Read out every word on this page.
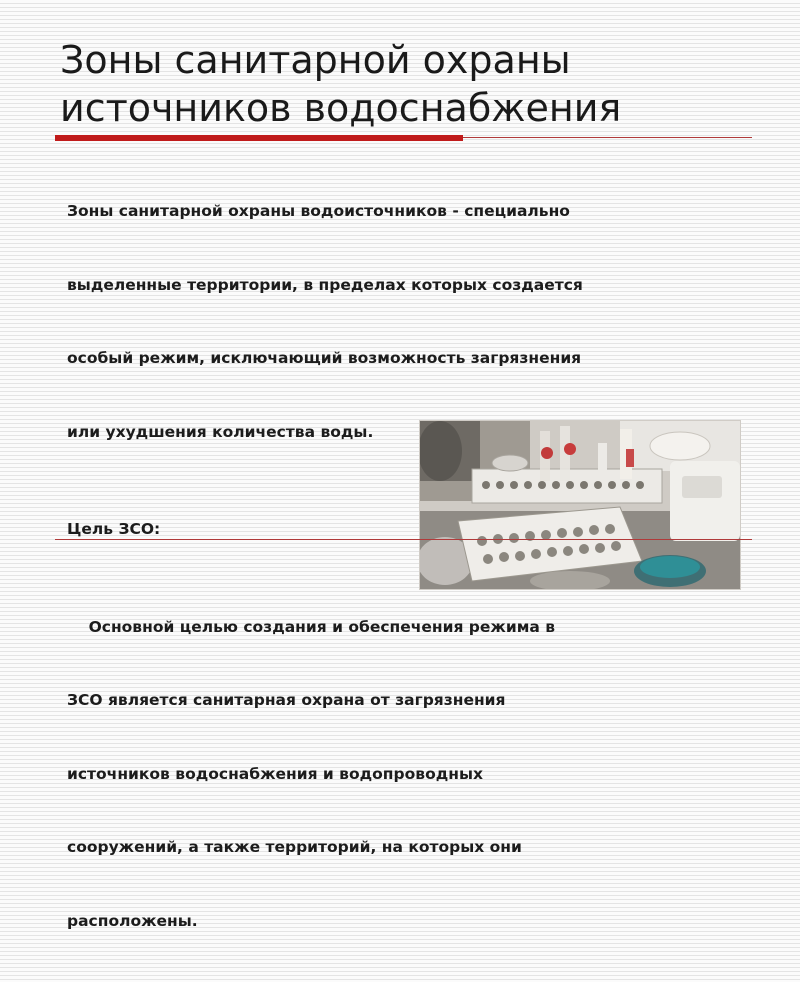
Зоны санитарной охраны
источников водоснабжения

Зоны санитарной охраны водоисточников - специально

выделенные территории, в пределах которых создается

особый режим, исключающий возможность загрязнения

или ухудшения количества воды.

Цель ЗСО:

Основной целью создания и обеспечения режима в

ЗСО является санитарная охрана от загрязнения

источников водоснабжения и водопроводных

сооружений, а также территорий, на которых они

расположены.
